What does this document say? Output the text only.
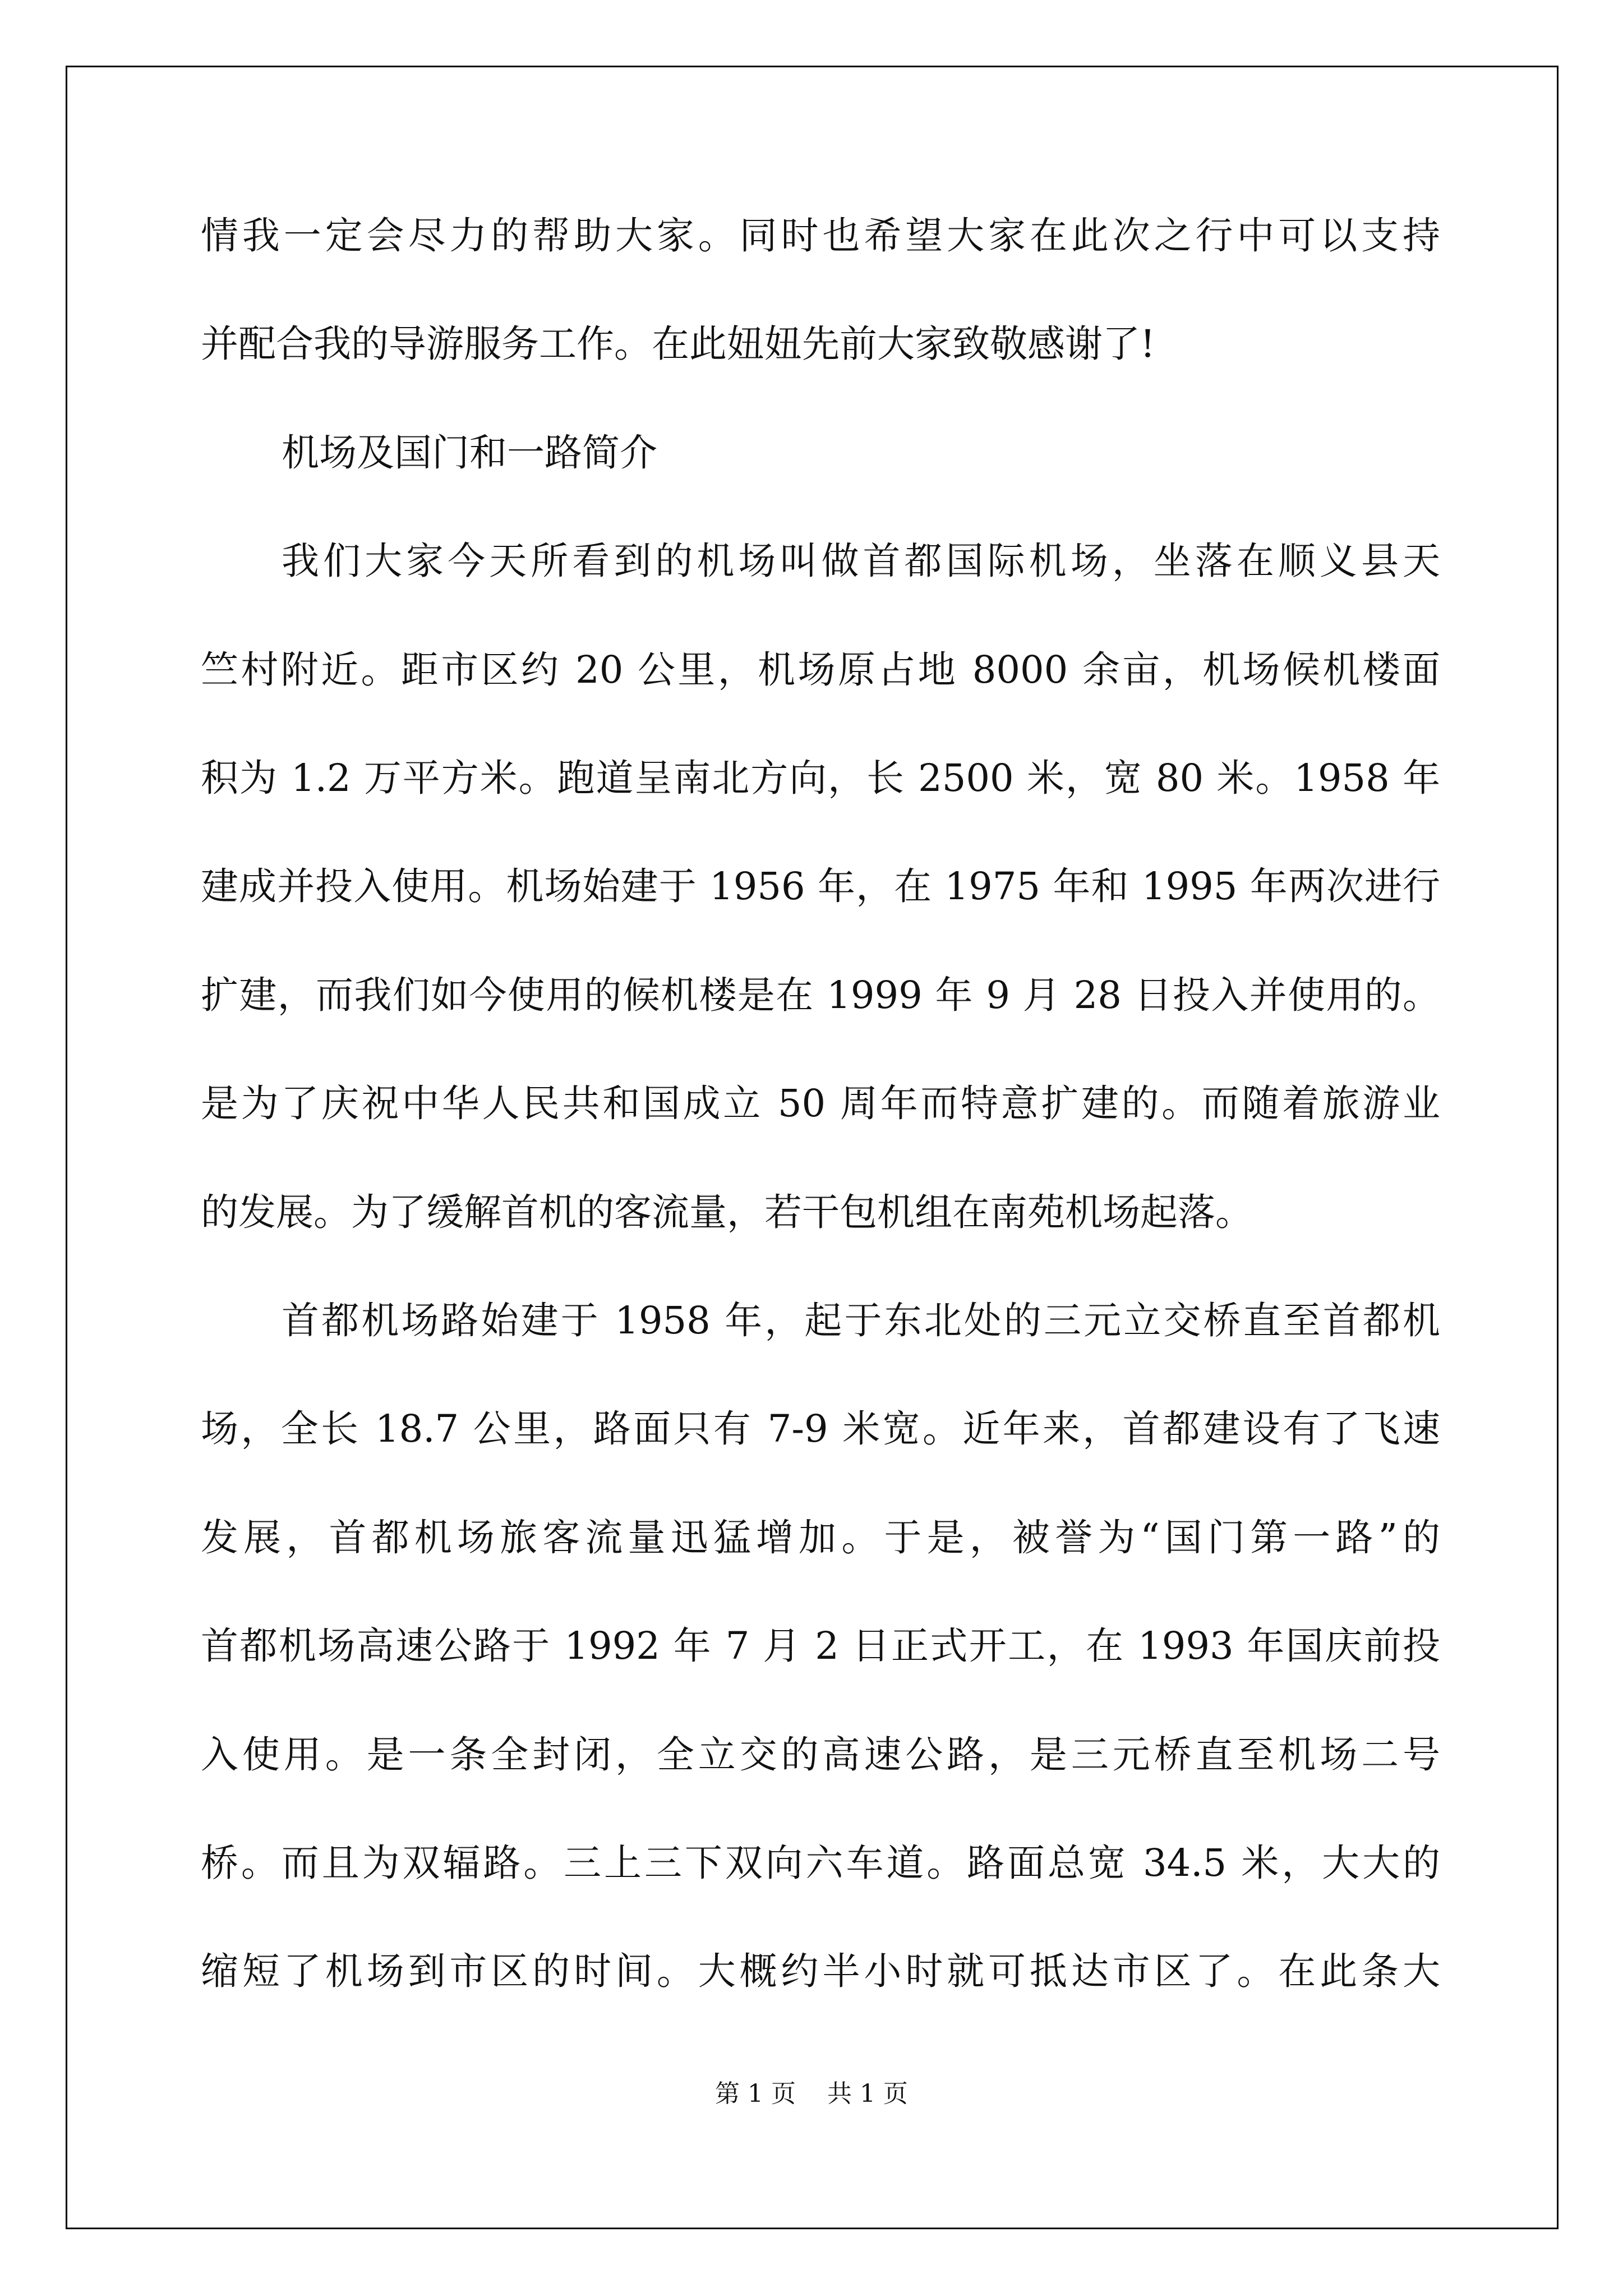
情我一定会尽力的帮助大家。同时也希望大家在此次之行中可以支持
并配合我的导游服务工作。在此妞妞先前大家致敬感谢了!
机场及国门和一路简介
我们大家今天所看到的机场叫做首都国际机场，坐落在顺义县天
竺村附近。距市区约 20 公里，机场原占地 8000 余亩，机场候机楼面
积为 1.2 万平方米。跑道呈南北方向，长 2500 米，宽 80 米。1958 年
建成并投入使用。机场始建于 1956 年，在 1975 年和 1995 年两次进行
扩建，而我们如今使用的候机楼是在 1999 年 9 月 28 日投入并使用的。
是为了庆祝中华人民共和国成立 50 周年而特意扩建的。而随着旅游业
的发展。为了缓解首机的客流量，若干包机组在南苑机场起落。
首都机场路始建于 1958 年，起于东北处的三元立交桥直至首都机
场，全长 18.7 公里，路面只有 7-9 米宽。近年来，首都建设有了飞速
发展，首都机场旅客流量迅猛增加。于是，被誉为“国门第一路”的
首都机场高速公路于 1992 年 7 月 2 日正式开工，在 1993 年国庆前投
入使用。是一条全封闭，全立交的高速公路，是三元桥直至机场二号
桥。而且为双辐路。三上三下双向六车道。路面总宽 34.5 米，大大的
缩短了机场到市区的时间。大概约半小时就可抵达市区了。在此条大
第 1 页    共 1 页
